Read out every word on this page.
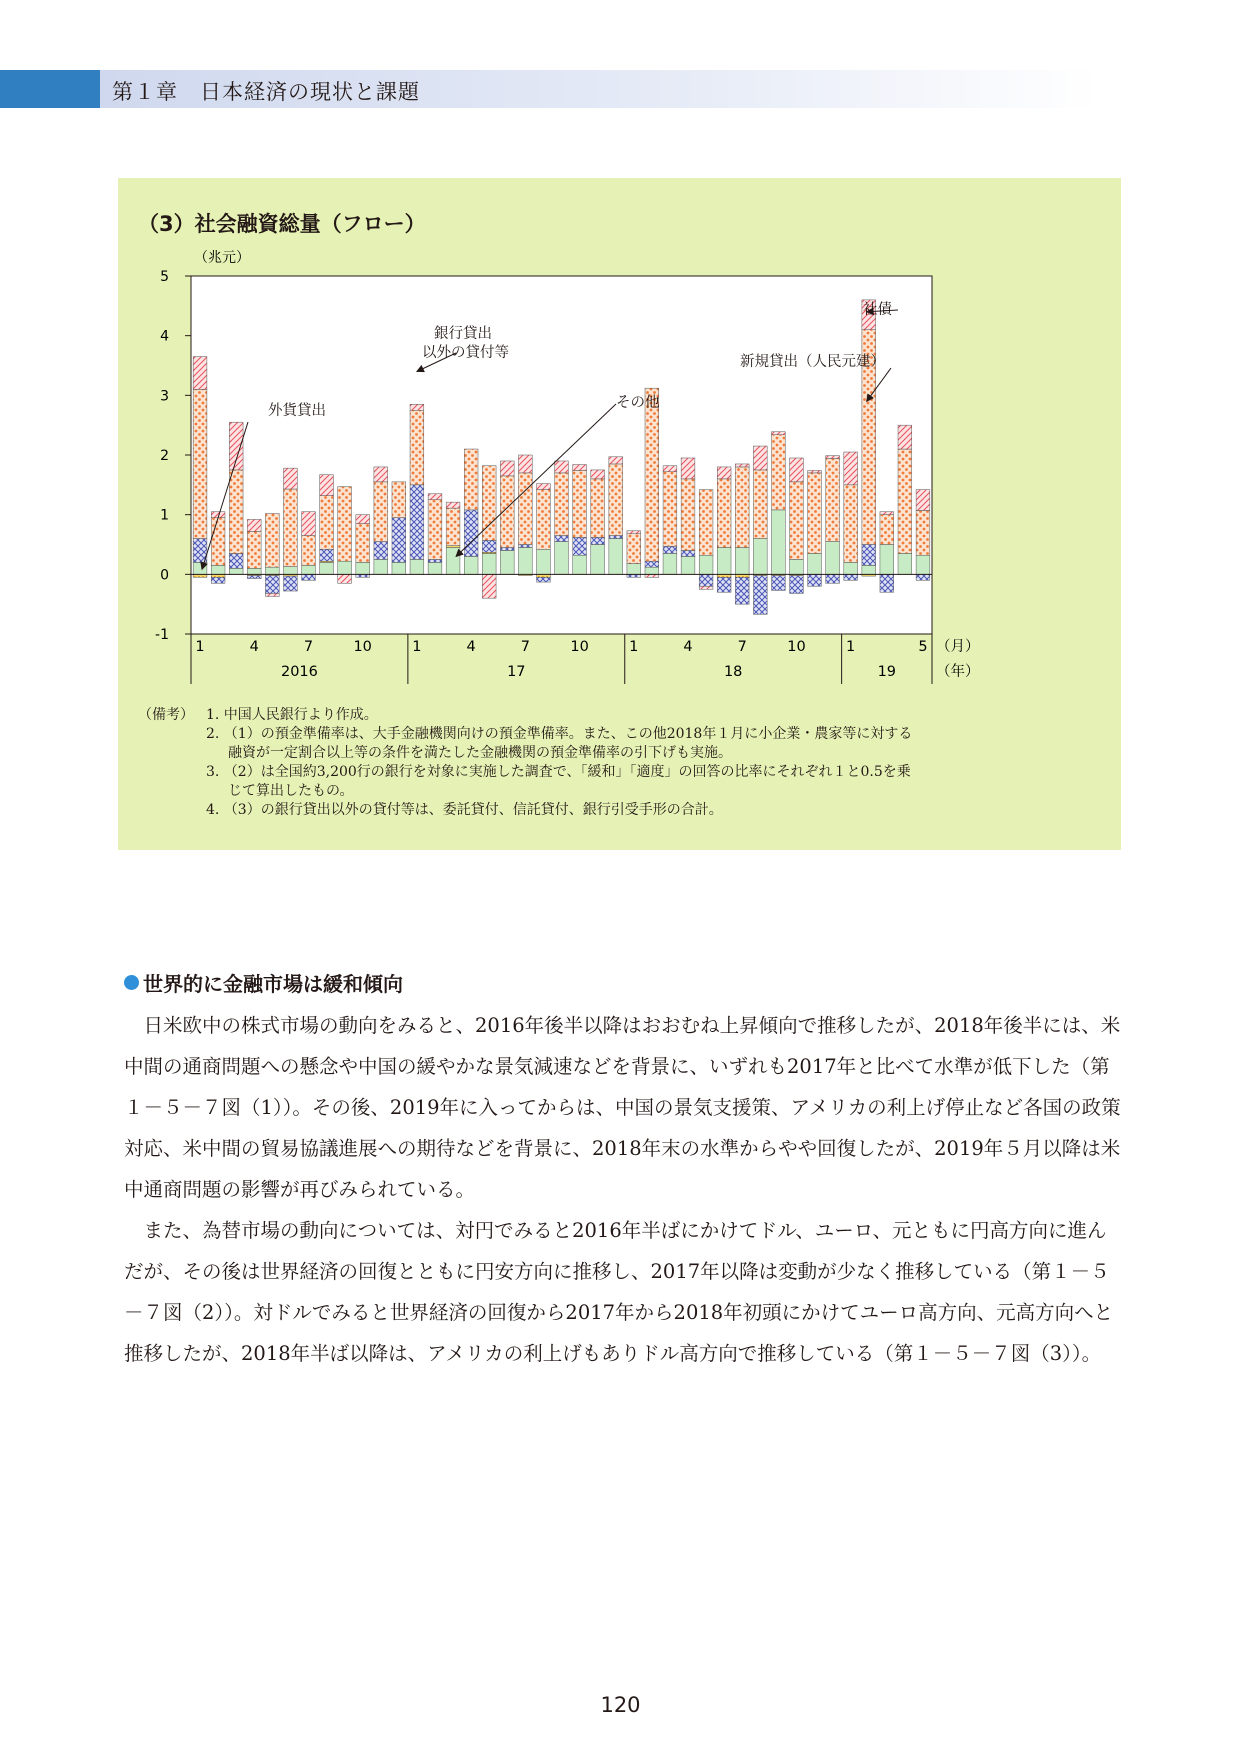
第１章　日本経済の現状と課題
（3）社会融資総量（フロー）
（兆元）
5
4
3
2
1
0
-1
1	4	7	10	1	4	7	10	1	4	7	10	1	5
2016	17	18	19
（月）
（年）
銀行貸出
以外の貸付等
外貨貸出	その他
新規貸出（人民元建）
社債
（備考） 1. 中国人民銀行より作成。
2. （1）の預金準備率は、大手金融機関向けの預金準備率。また、この他2018年１月に小企業・農家等に対する
融資が一定割合以上等の条件を満たした金融機関の預金準備率の引下げも実施。
3. （2）は全国約3,200行の銀行を対象に実施した調査で、「緩和」「適度」の回答の比率にそれぞれ１と0.5を乗
じて算出したもの。
4. （3）の銀行貸出以外の貸付等は、委託貸付、信託貸付、銀行引受手形の合計。
世界的に金融市場は緩和傾向

日米欧中の株式市場の動向をみると、2016年後半以降はおおむね上昇傾向で推移したが、2018年後半には、米中間の通商問題への懸念や中国の緩やかな景気減速などを背景に、いずれも2017年と比べて水準が低下した（第１－５－７図（1））。その後、2019年に入ってからは、中国の景気支援策、アメリカの利上げ停止など各国の政策対応、米中間の貿易協議進展への期待などを背景に、2018年末の水準からやや回復したが、2019年５月以降は米中通商問題の影響が再びみられている。

また、為替市場の動向については、対円でみると2016年半ばにかけてドル、ユーロ、元ともに円高方向に進んだが、その後は世界経済の回復とともに円安方向に推移し、2017年以降は変動が少なく推移している（第１－５－７図（2））。対ドルでみると世界経済の回復から2017年から2018年初頭にかけてユーロ高方向、元高方向へと推移したが、2018年半ば以降は、アメリカの利上げもありドル高方向で推移している（第１－５－７図（3））。

120
